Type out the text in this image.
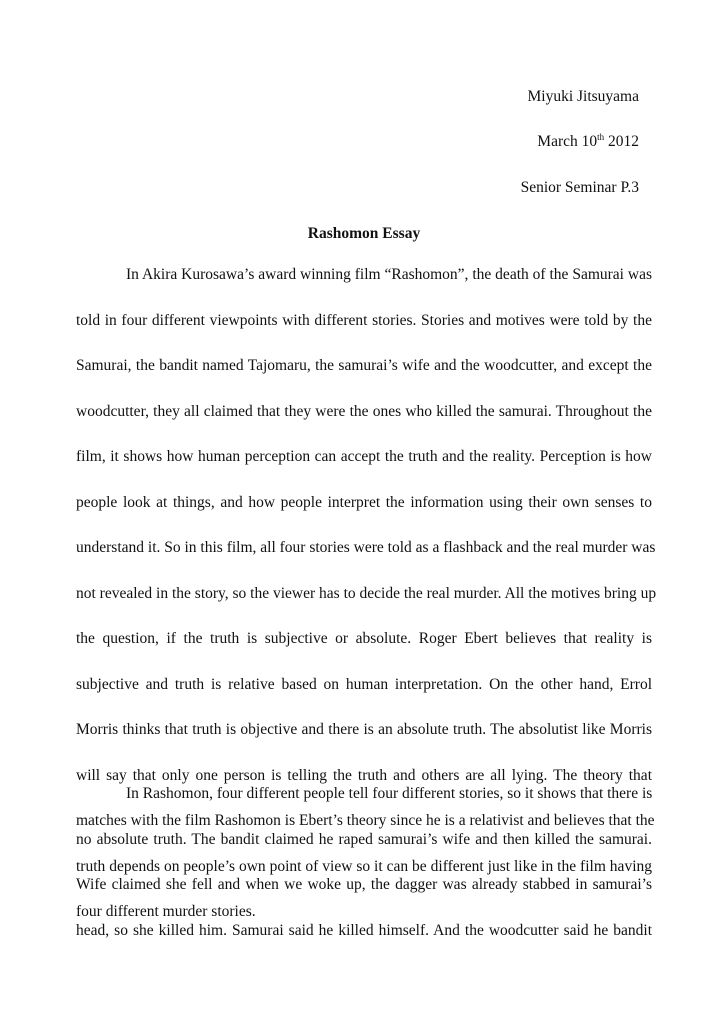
Miyuki Jitsuyama
March 10th 2012
Senior Seminar P.3
Rashomon Essay
In Akira Kurosawa’s award winning film “Rashomon”, the death of the Samurai was
told in four different viewpoints with different stories. Stories and motives were told by the
Samurai, the bandit named Tajomaru, the samurai’s wife and the woodcutter, and except the
woodcutter, they all claimed that they were the ones who killed the samurai. Throughout the
film, it shows how human perception can accept the truth and the reality. Perception is how
people look at things, and how people interpret the information using their own senses to
understand it. So in this film, all four stories were told as a flashback and the real murder was
not revealed in the story, so the viewer has to decide the real murder. All the motives bring up
the question, if the truth is subjective or absolute. Roger Ebert believes that reality is
subjective and truth is relative based on human interpretation. On the other hand, Errol
Morris thinks that truth is objective and there is an absolute truth. The absolutist like Morris
will say that only one person is telling the truth and others are all lying. The theory that
matches with the film Rashomon is Ebert’s theory since he is a relativist and believes that the
truth depends on people’s own point of view so it can be different just like in the film having
four different murder stories.
In Rashomon, four different people tell four different stories, so it shows that there is
no absolute truth. The bandit claimed he raped samurai’s wife and then killed the samurai.
Wife claimed she fell and when we woke up, the dagger was already stabbed in samurai’s
head, so she killed him. Samurai said he killed himself. And the woodcutter said he bandit
